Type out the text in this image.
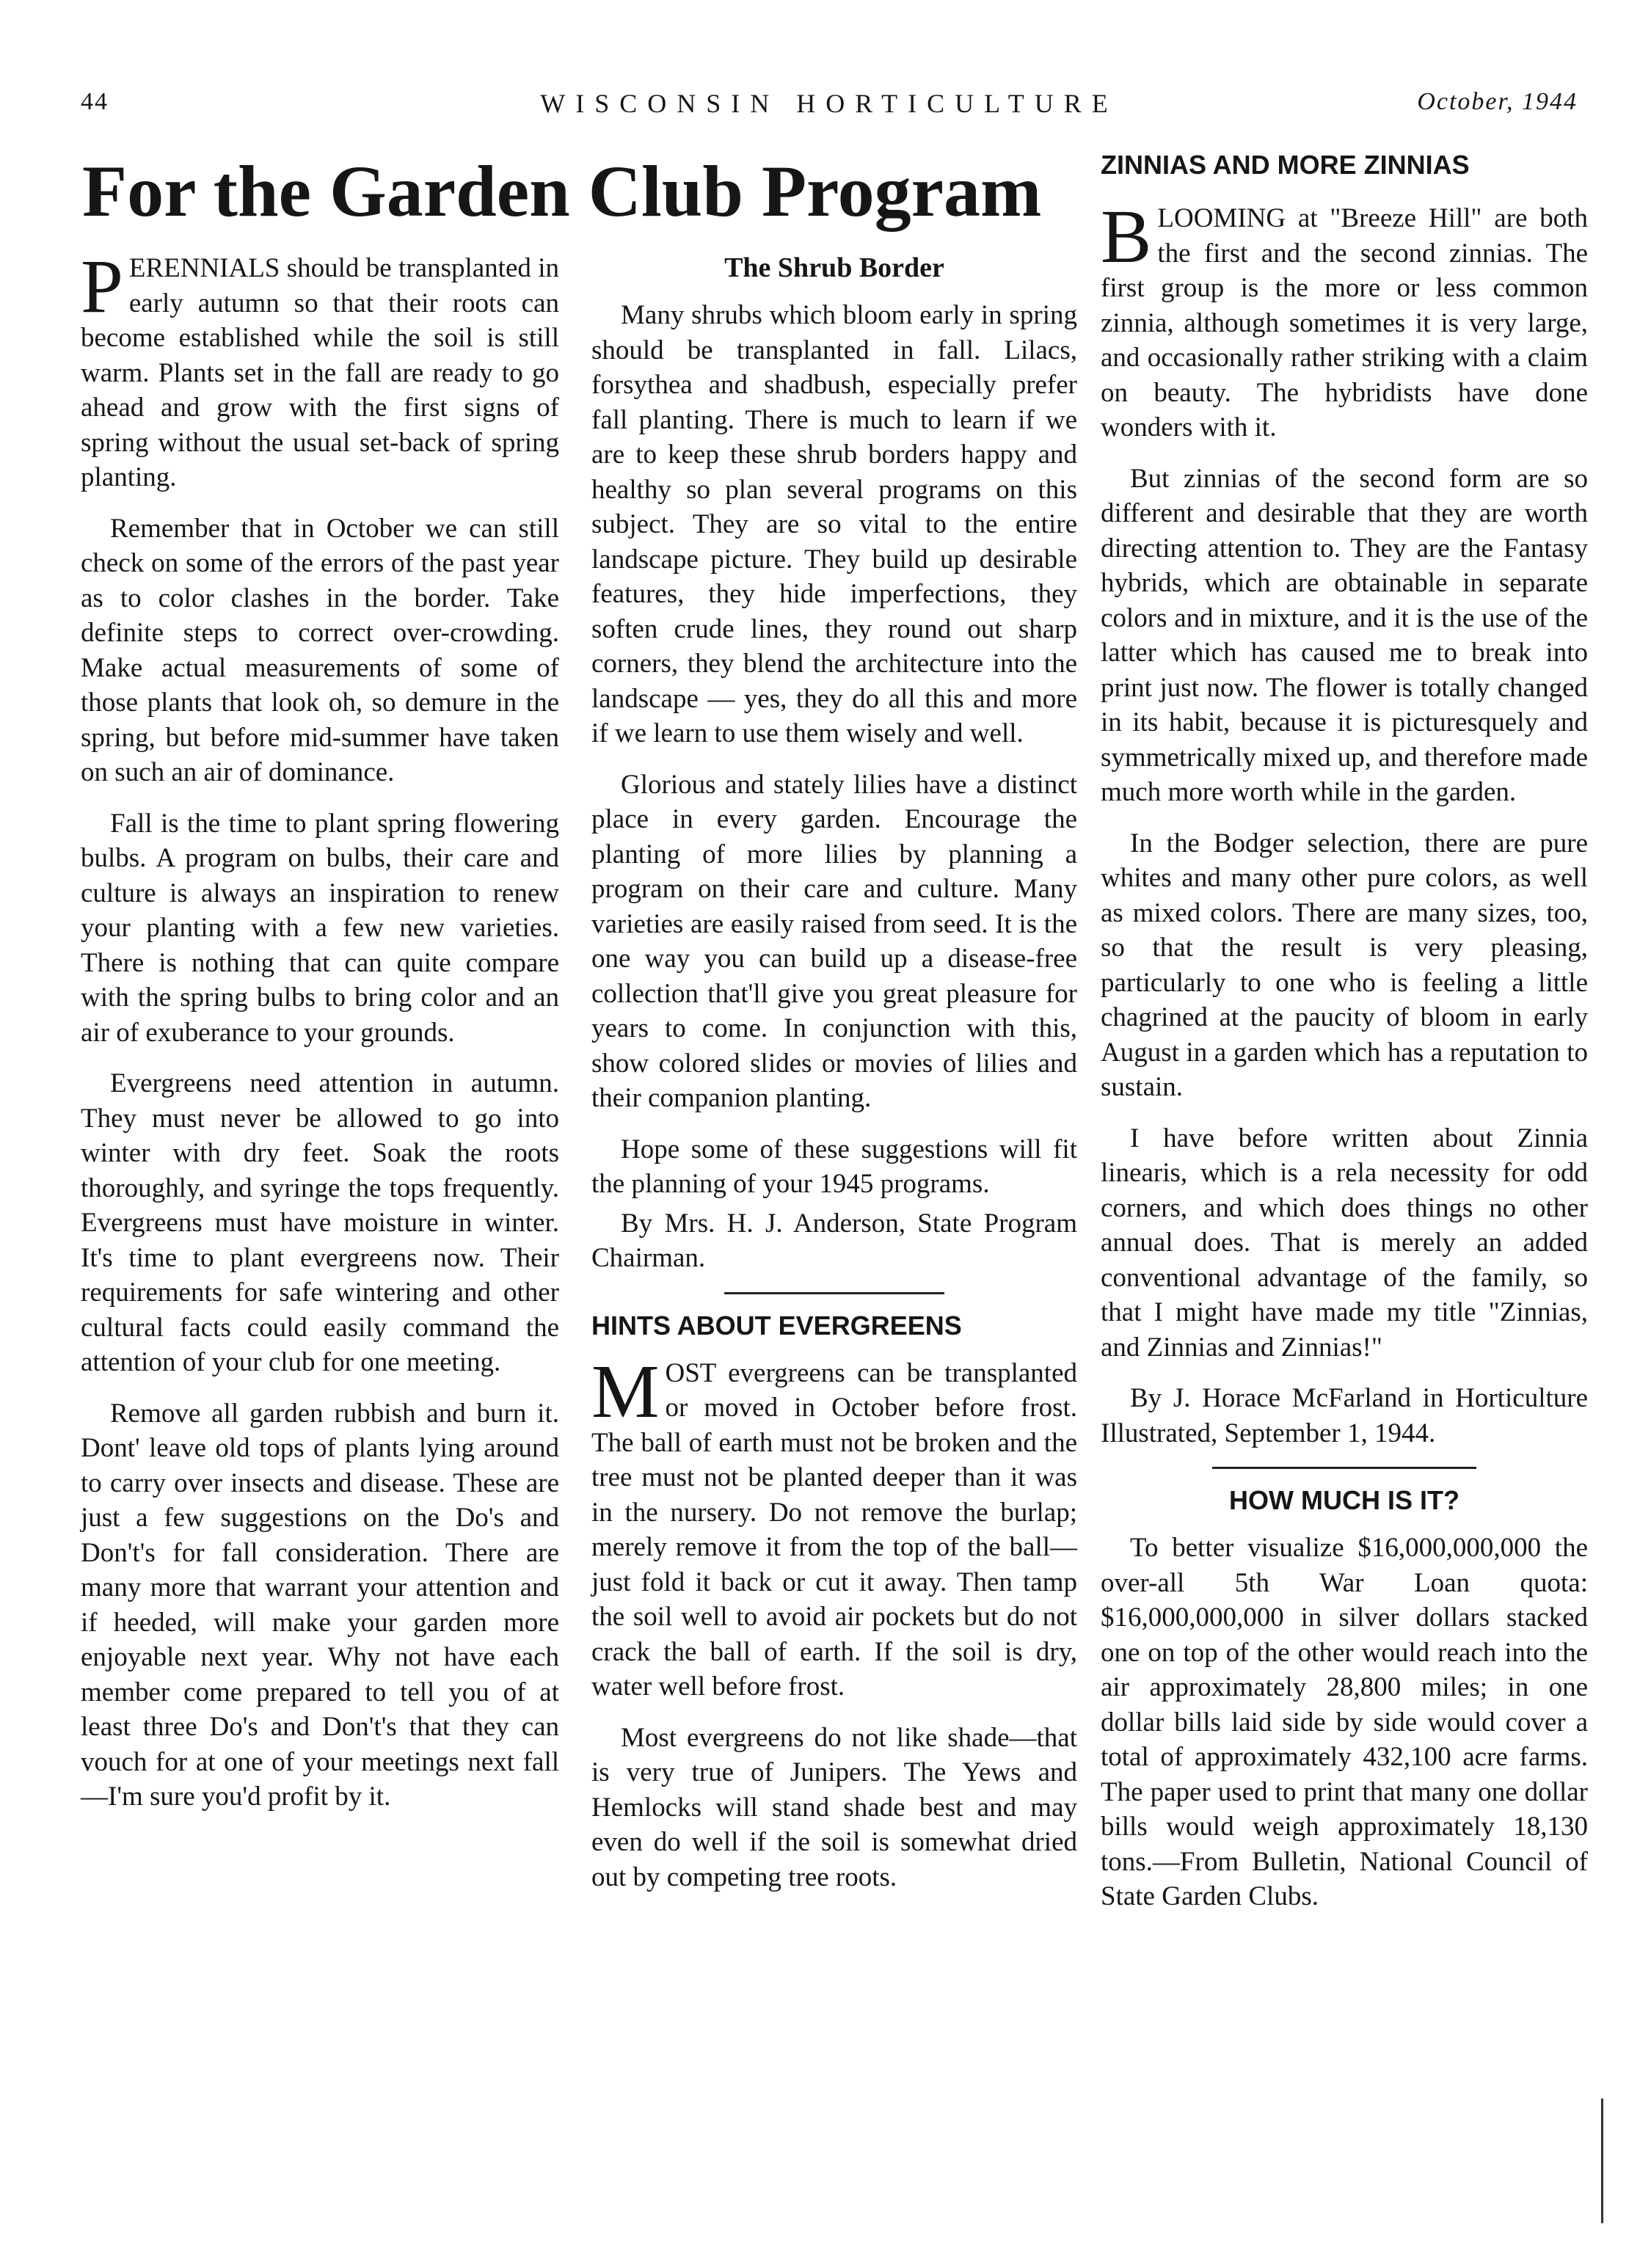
44	WISCONSIN HORTICULTURE	October, 1944
For the Garden Club Program

PERENNIALS should be transplanted in early autumn so that their roots can become established while the soil is still warm. Plants set in the fall are ready to go ahead and grow with the first signs of spring without the usual set-back of spring planting.

Remember that in October we can still check on some of the errors of the past year as to color clashes in the border. Take definite steps to correct over-crowding. Make actual measurements of some of those plants that look oh, so demure in the spring, but before mid-summer have taken on such an air of dominance.

Fall is the time to plant spring flowering bulbs. A program on bulbs, their care and culture is always an inspiration to renew your planting with a few new varieties. There is nothing that can quite compare with the spring bulbs to bring color and an air of exuberance to your grounds.

Evergreens need attention in autumn. They must never be allowed to go into winter with dry feet. Soak the roots thoroughly, and syringe the tops frequently. Evergreens must have moisture in winter. It's time to plant evergreens now. Their requirements for safe wintering and other cultural facts could easily command the attention of your club for one meeting.

Remove all garden rubbish and burn it. Dont' leave old tops of plants lying around to carry over insects and disease. These are just a few suggestions on the Do's and Don't's for fall consideration. There are many more that warrant your attention and if heeded, will make your garden more enjoyable next year. Why not have each member come prepared to tell you of at least three Do's and Don't's that they can vouch for at one of your meetings next fall—I'm sure you'd profit by it.

The Shrub Border

Many shrubs which bloom early in spring should be transplanted in fall. Lilacs, forsythea and shadbush, especially prefer fall planting. There is much to learn if we are to keep these shrub borders happy and healthy so plan several programs on this subject. They are so vital to the entire landscape picture. They build up desirable features, they hide imperfections, they soften crude lines, they round out sharp corners, they blend the architecture into the landscape — yes, they do all this and more if we learn to use them wisely and well.

Glorious and stately lilies have a distinct place in every garden. Encourage the planting of more lilies by planning a program on their care and culture. Many varieties are easily raised from seed. It is the one way you can build up a disease-free collection that'll give you great pleasure for years to come. In conjunction with this, show colored slides or movies of lilies and their companion planting.

Hope some of these suggestions will fit the planning of your 1945 programs.

By Mrs. H. J. Anderson, State Program Chairman.

HINTS ABOUT EVERGREENS

MOST evergreens can be transplanted or moved in October before frost. The ball of earth must not be broken and the tree must not be planted deeper than it was in the nursery. Do not remove the burlap; merely remove it from the top of the ball—just fold it back or cut it away. Then tamp the soil well to avoid air pockets but do not crack the ball of earth. If the soil is dry, water well before frost.

Most evergreens do not like shade—that is very true of Junipers. The Yews and Hemlocks will stand shade best and may even do well if the soil is somewhat dried out by competing tree roots.

ZINNIAS AND MORE ZINNIAS

BLOOMING at "Breeze Hill" are both the first and the second zinnias. The first group is the more or less common zinnia, although sometimes it is very large, and occasionally rather striking with a claim on beauty. The hybridists have done wonders with it.

But zinnias of the second form are so different and desirable that they are worth directing attention to. They are the Fantasy hybrids, which are obtainable in separate colors and in mixture, and it is the use of the latter which has caused me to break into print just now. The flower is totally changed in its habit, because it is picturesquely and symmetrically mixed up, and therefore made much more worth while in the garden.

In the Bodger selection, there are pure whites and many other pure colors, as well as mixed colors. There are many sizes, too, so that the result is very pleasing, particularly to one who is feeling a little chagrined at the paucity of bloom in early August in a garden which has a reputation to sustain.

I have before written about Zinnia linearis, which is a rela necessity for odd corners, and which does things no other annual does. That is merely an added conventional advantage of the family, so that I might have made my title "Zinnias, and Zinnias and Zinnias!"

By J. Horace McFarland in Horticulture Illustrated, September 1, 1944.

HOW MUCH IS IT?

To better visualize $16,000,000,000 the over-all 5th War Loan quota: $16,000,000,000 in silver dollars stacked one on top of the other would reach into the air approximately 28,800 miles; in one dollar bills laid side by side would cover a total of approximately 432,100 acre farms. The paper used to print that many one dollar bills would weigh approximately 18,130 tons.—From Bulletin, National Council of State Garden Clubs.
